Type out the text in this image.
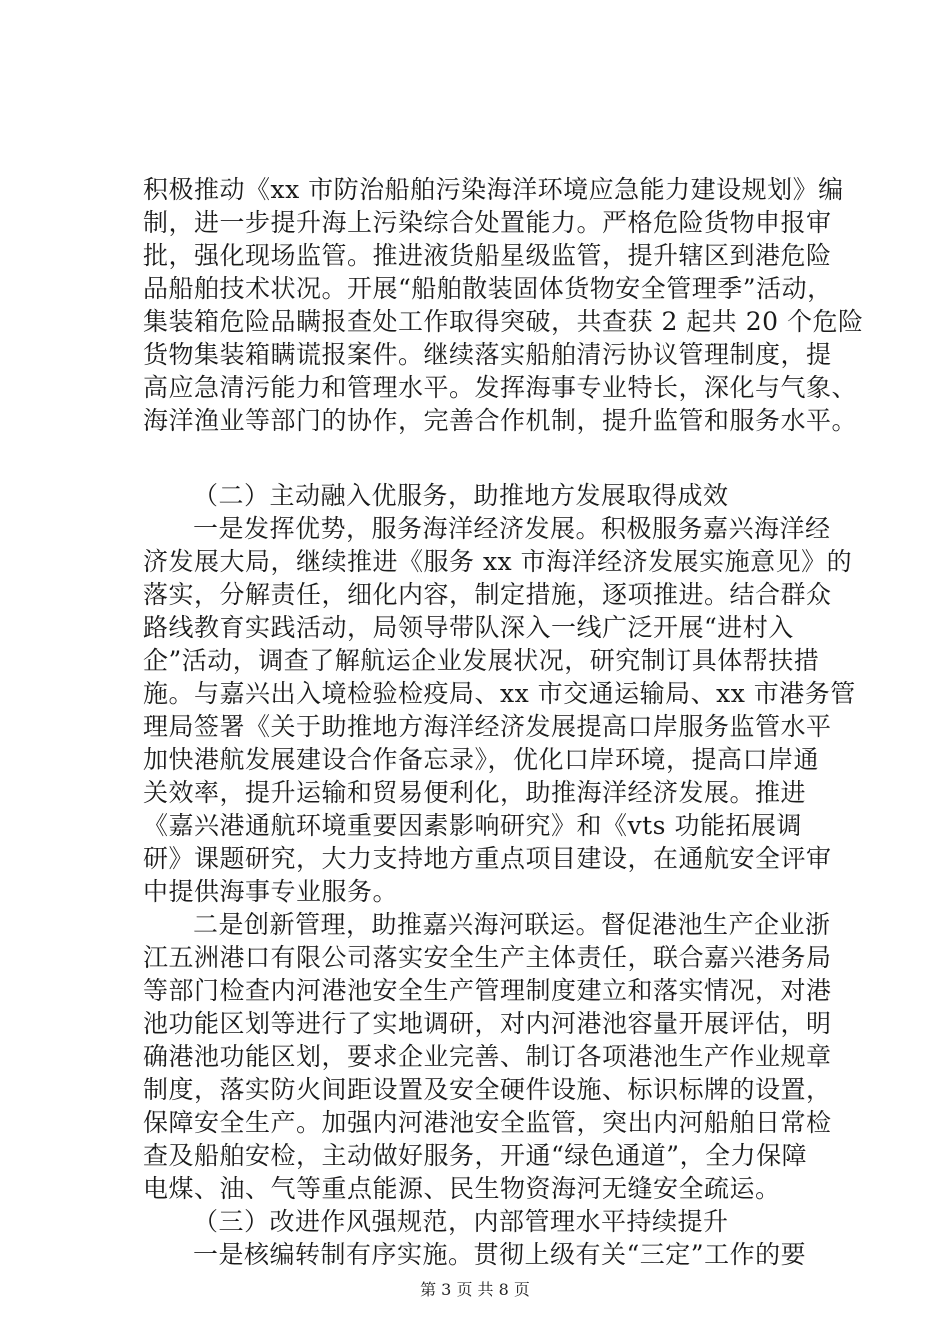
积极推动《xx 市防治船舶污染海洋环境应急能力建设规划》编
制，进一步提升海上污染综合处置能力。严格危险货物申报审
批，强化现场监管。推进液货船星级监管，提升辖区到港危险
品船舶技术状况。开展“船舶散装固体货物安全管理季”活动，
集装箱危险品瞒报查处工作取得突破，共查获 2 起共 20 个危险
货物集装箱瞒谎报案件。继续落实船舶清污协议管理制度，提
高应急清污能力和管理水平。发挥海事专业特长，深化与气象、
海洋渔业等部门的协作，完善合作机制，提升监管和服务水平。
（二）主动融入优服务，助推地方发展取得成效
一是发挥优势，服务海洋经济发展。积极服务嘉兴海洋经
济发展大局，继续推进《服务 xx 市海洋经济发展实施意见》的
落实，分解责任，细化内容，制定措施，逐项推进。结合群众
路线教育实践活动，局领导带队深入一线广泛开展“进村入
企”活动，调查了解航运企业发展状况，研究制订具体帮扶措
施。与嘉兴出入境检验检疫局、xx 市交通运输局、xx 市港务管
理局签署《关于助推地方海洋经济发展提高口岸服务监管水平
加快港航发展建设合作备忘录》，优化口岸环境，提高口岸通
关效率，提升运输和贸易便利化，助推海洋经济发展。推进
《嘉兴港通航环境重要因素影响研究》和《vts 功能拓展调
研》课题研究，大力支持地方重点项目建设，在通航安全评审
中提供海事专业服务。
二是创新管理，助推嘉兴海河联运。督促港池生产企业浙
江五洲港口有限公司落实安全生产主体责任，联合嘉兴港务局
等部门检查内河港池安全生产管理制度建立和落实情况，对港
池功能区划等进行了实地调研，对内河港池容量开展评估，明
确港池功能区划，要求企业完善、制订各项港池生产作业规章
制度，落实防火间距设置及安全硬件设施、标识标牌的设置，
保障安全生产。加强内河港池安全监管，突出内河船舶日常检
查及船舶安检，主动做好服务，开通“绿色通道”，全力保障
电煤、油、气等重点能源、民生物资海河无缝安全疏运。
（三）改进作风强规范，内部管理水平持续提升
一是核编转制有序实施。贯彻上级有关“三定”工作的要
第 3 页 共 8 页
